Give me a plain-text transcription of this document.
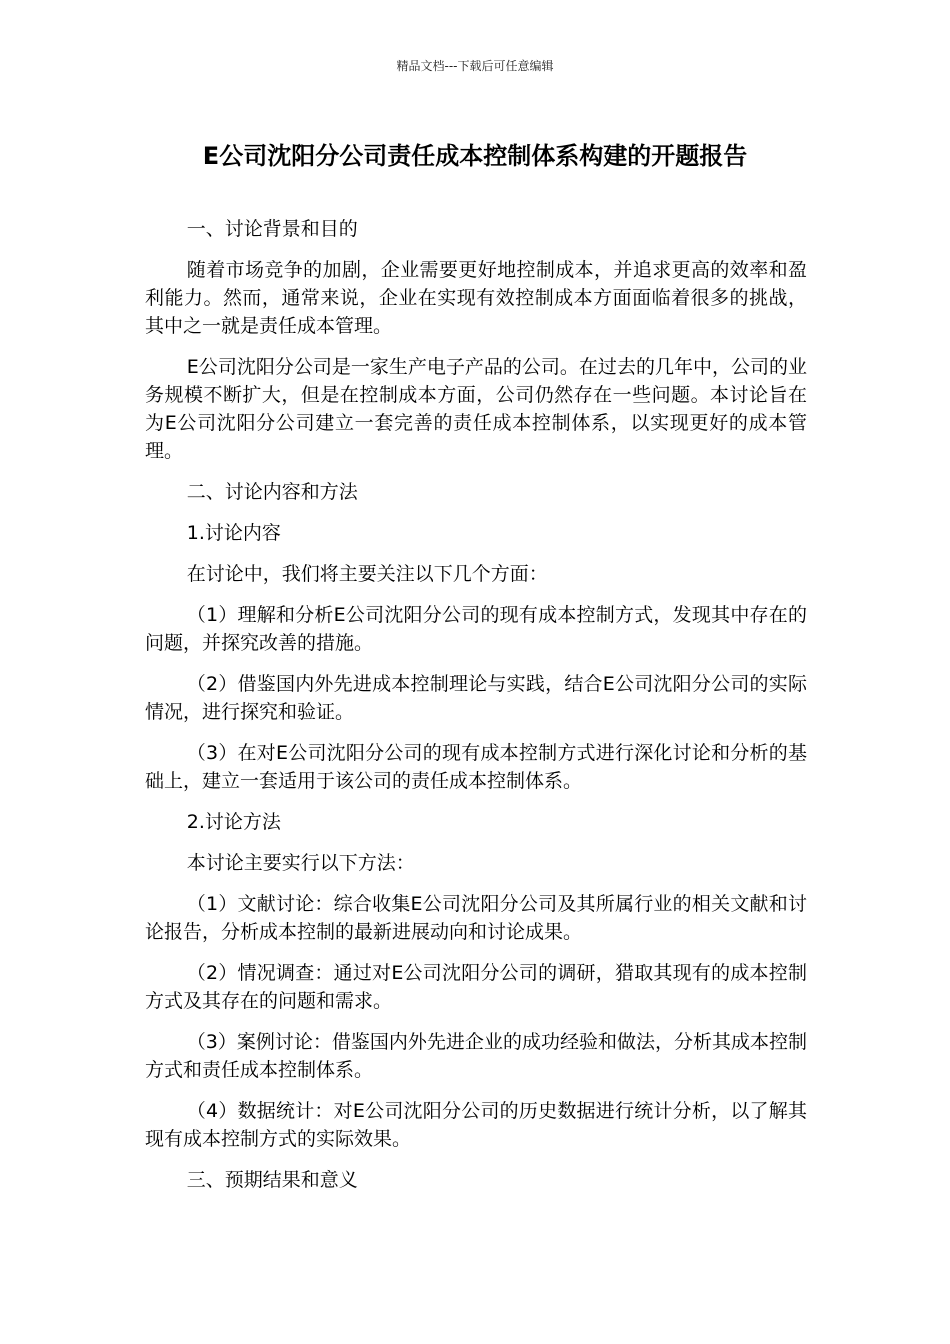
精品文档---下载后可任意编辑
E公司沈阳分公司责任成本控制体系构建的开题报告

一、讨论背景和目的

随着市场竞争的加剧，企业需要更好地控制成本，并追求更高的效率和盈利能力。然而，通常来说，企业在实现有效控制成本方面面临着很多的挑战，其中之一就是责任成本管理。

E公司沈阳分公司是一家生产电子产品的公司。在过去的几年中，公司的业务规模不断扩大，但是在控制成本方面，公司仍然存在一些问题。本讨论旨在为E公司沈阳分公司建立一套完善的责任成本控制体系，以实现更好的成本管理。

二、讨论内容和方法

1.讨论内容

在讨论中，我们将主要关注以下几个方面：

（1）理解和分析E公司沈阳分公司的现有成本控制方式，发现其中存在的问题，并探究改善的措施。

（2）借鉴国内外先进成本控制理论与实践，结合E公司沈阳分公司的实际情况，进行探究和验证。

（3）在对E公司沈阳分公司的现有成本控制方式进行深化讨论和分析的基础上，建立一套适用于该公司的责任成本控制体系。

2.讨论方法

本讨论主要实行以下方法：

（1）文献讨论：综合收集E公司沈阳分公司及其所属行业的相关文献和讨论报告，分析成本控制的最新进展动向和讨论成果。

（2）情况调查：通过对E公司沈阳分公司的调研，猎取其现有的成本控制方式及其存在的问题和需求。

（3）案例讨论：借鉴国内外先进企业的成功经验和做法，分析其成本控制方式和责任成本控制体系。

（4）数据统计：对E公司沈阳分公司的历史数据进行统计分析，以了解其现有成本控制方式的实际效果。

三、预期结果和意义
